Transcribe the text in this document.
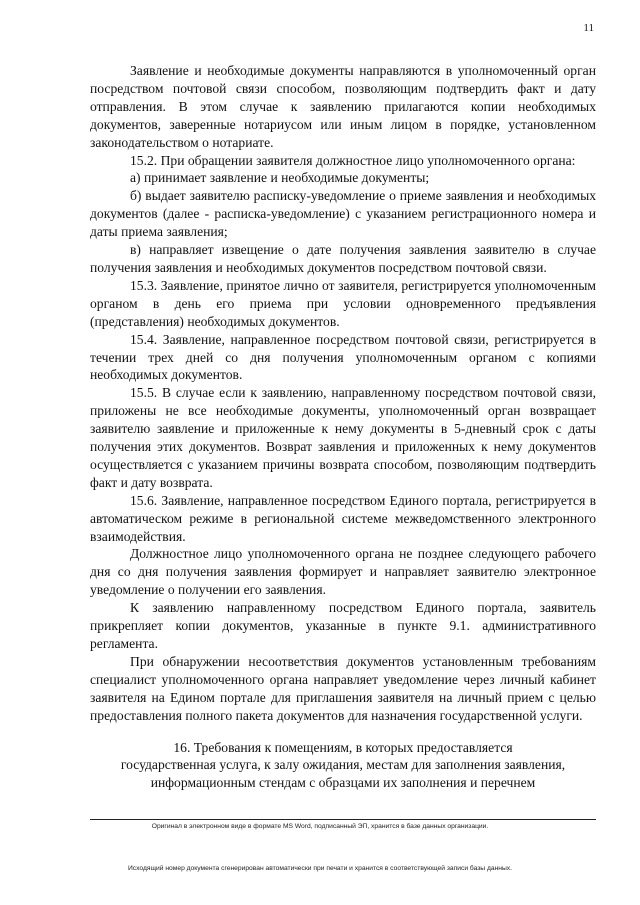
11

Заявление и необходимые документы направляются в уполномоченный орган посредством почтовой связи способом, позволяющим подтвердить факт и дату отправления. В этом случае к заявлению прилагаются копии необходимых документов, заверенные нотариусом или иным лицом в порядке, установленном законодательством о нотариате.

15.2. При обращении заявителя должностное лицо уполномоченного органа:

а) принимает заявление и необходимые документы;

б) выдает заявителю расписку-уведомление о приеме заявления и необходимых документов (далее - расписка-уведомление) с указанием регистрационного номера и даты приема заявления;

в) направляет извещение о дате получения заявления заявителю в случае получения заявления и необходимых документов посредством почтовой связи.

15.3. Заявление, принятое лично от заявителя, регистрируется уполномоченным органом в день его приема при условии одновременного предъявления (представления) необходимых документов.

15.4. Заявление, направленное посредством почтовой связи, регистрируется в течении трех дней со дня получения уполномоченным органом с копиями необходимых документов.

15.5. В случае если к заявлению, направленному посредством почтовой связи, приложены не все необходимые документы, уполномоченный орган возвращает заявителю заявление и приложенные к нему документы в 5-дневный срок с даты получения этих документов. Возврат заявления и приложенных к нему документов осуществляется с указанием причины возврата способом, позволяющим подтвердить факт и дату возврата.

15.6. Заявление, направленное посредством Единого портала, регистрируется в автоматическом режиме в региональной системе межведомственного электронного взаимодействия.

Должностное лицо уполномоченного органа не позднее следующего рабочего дня со дня получения заявления формирует и направляет заявителю электронное уведомление о получении его заявления.

К заявлению направленному посредством Единого портала, заявитель прикрепляет копии документов, указанные в пункте 9.1. административного регламента.

При обнаружении несоответствия документов установленным требованиям специалист уполномоченного органа направляет уведомление через личный кабинет заявителя на Едином портале для приглашения заявителя на личный прием с целью предоставления полного пакета документов для назначения государственной услуги.

16. Требования к помещениям, в которых предоставляется
государственная услуга, к залу ожидания, местам для заполнения заявления,
информационным стендам с образцами их заполнения и перечнем
Оригинал в электронном виде в формате MS Word, подписанный ЭП, хранится в базе данных организации.
Исходящий номер документа сгенерирован автоматически при печати и хранится в соответствующей записи базы данных.
